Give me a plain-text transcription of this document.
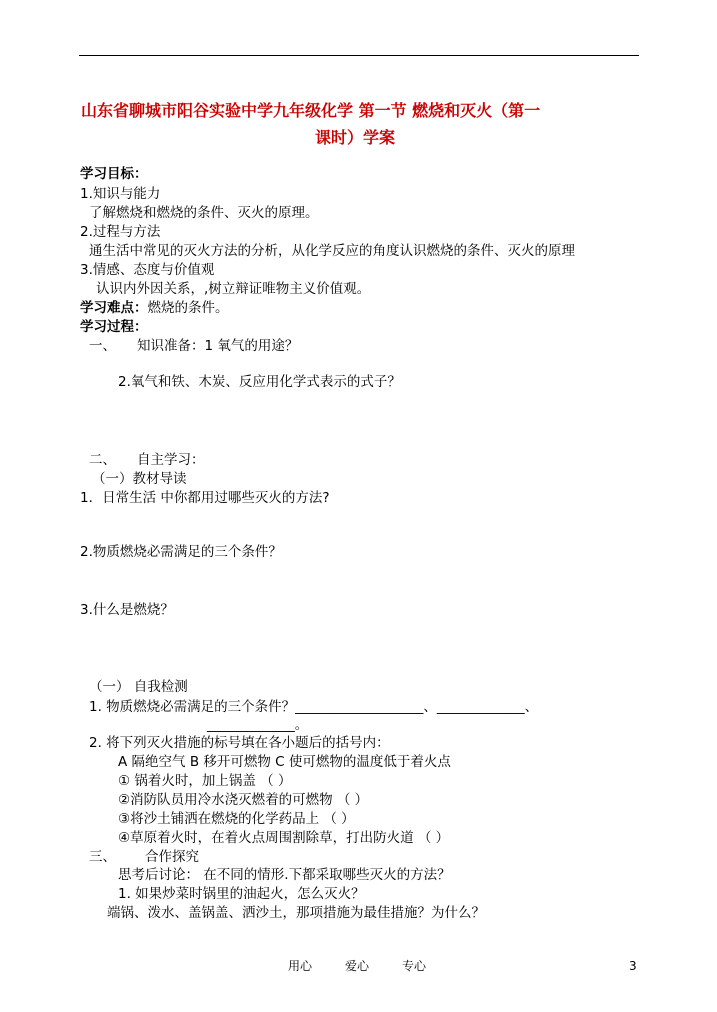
山东省聊城市阳谷实验中学九年级化学 第一节 燃烧和灭火（第一
课时）学案
学习目标：
1.知识与能力
了解燃烧和燃烧的条件、灭火的原理。
2.过程与方法
通生活中常见的灭火方法的分析，从化学反应的角度认识燃烧的条件、灭火的原理
3.情感、态度与价值观
认识内外因关系，,树立辩证唯物主义价值观。
学习难点：燃烧的条件。
学习过程：
一、 知识准备：1 氧气的用途？
2.氧气和铁、木炭、反应用化学式表示的式子？
二、 自主学习：
（一）教材导读
1．日常生活 中你都用过哪些灭火的方法?
2.物质燃烧必需满足的三个条件？
3.什么是燃烧？
（一） 自我检测
1. 物质燃烧必需满足的三个条件？___________________、_____________、
_____________。
2. 将下列灭火措施的标号填在各小题后的括号内：
A 隔绝空气 B 移开可燃物 C 使可燃物的温度低于着火点
① 锅着火时，加上锅盖 （ ）
②消防队员用冷水浇灭燃着的可燃物 （ ）
③将沙土铺洒在燃烧的化学药品上 （ ）
④草原着火时，在着火点周围割除草，打出防火道 （ ）
三、 合作探究
思考后讨论： 在不同的情形.下都采取哪些灭火的方法？
1. 如果炒菜时锅里的油起火，怎么灭火？
端锅、泼水、盖锅盖、洒沙土，那项措施为最佳措施？为什么？
用心	爱心	专心	3
